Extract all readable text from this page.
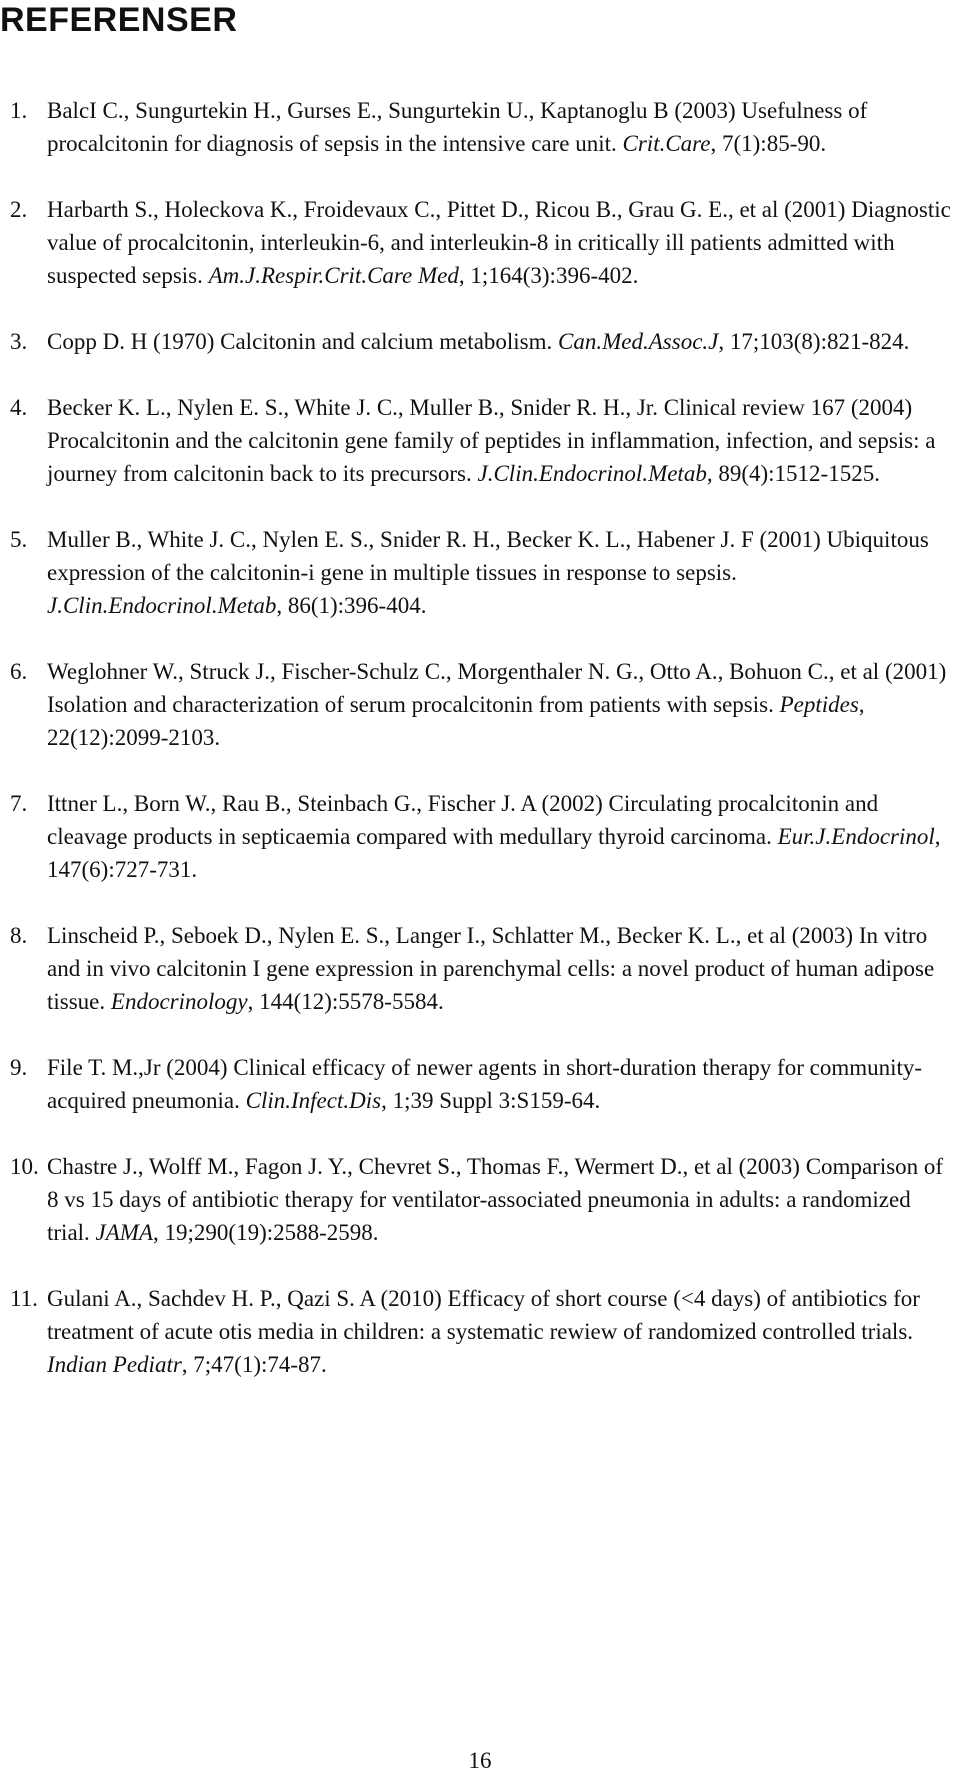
REFERENSER
1. BalcI C., Sungurtekin H., Gurses E., Sungurtekin U., Kaptanoglu B (2003) Usefulness of procalcitonin for diagnosis of sepsis in the intensive care unit. Crit.Care, 7(1):85-90.
2. Harbarth S., Holeckova K., Froidevaux C., Pittet D., Ricou B., Grau G. E., et al (2001) Diagnostic value of procalcitonin, interleukin-6, and interleukin-8 in critically ill patients admitted with suspected sepsis. Am.J.Respir.Crit.Care Med, 1;164(3):396-402.
3. Copp D. H (1970) Calcitonin and calcium metabolism. Can.Med.Assoc.J, 17;103(8):821-824.
4. Becker K. L., Nylen E. S., White J. C., Muller B., Snider R. H., Jr. Clinical review 167 (2004) Procalcitonin and the calcitonin gene family of peptides in inflammation, infection, and sepsis: a journey from calcitonin back to its precursors. J.Clin.Endocrinol.Metab, 89(4):1512-1525.
5. Muller B., White J. C., Nylen E. S., Snider R. H., Becker K. L., Habener J. F (2001) Ubiquitous expression of the calcitonin-i gene in multiple tissues in response to sepsis. J.Clin.Endocrinol.Metab, 86(1):396-404.
6. Weglohner W., Struck J., Fischer-Schulz C., Morgenthaler N. G., Otto A., Bohuon C., et al (2001) Isolation and characterization of serum procalcitonin from patients with sepsis. Peptides, 22(12):2099-2103.
7. Ittner L., Born W., Rau B., Steinbach G., Fischer J. A (2002) Circulating procalcitonin and cleavage products in septicaemia compared with medullary thyroid carcinoma. Eur.J.Endocrinol, 147(6):727-731.
8. Linscheid P., Seboek D., Nylen E. S., Langer I., Schlatter M., Becker K. L., et al (2003) In vitro and in vivo calcitonin I gene expression in parenchymal cells: a novel product of human adipose tissue. Endocrinology, 144(12):5578-5584.
9. File T. M.,Jr (2004) Clinical efficacy of newer agents in short-duration therapy for community-acquired pneumonia. Clin.Infect.Dis, 1;39 Suppl 3:S159-64.
10. Chastre J., Wolff M., Fagon J. Y., Chevret S., Thomas F., Wermert D., et al (2003) Comparison of 8 vs 15 days of antibiotic therapy for ventilator-associated pneumonia in adults: a randomized trial. JAMA, 19;290(19):2588-2598.
11. Gulani A., Sachdev H. P., Qazi S. A (2010) Efficacy of short course (<4 days) of antibiotics for treatment of acute otis media in children: a systematic rewiew of randomized controlled trials. Indian Pediatr, 7;47(1):74-87.
16
